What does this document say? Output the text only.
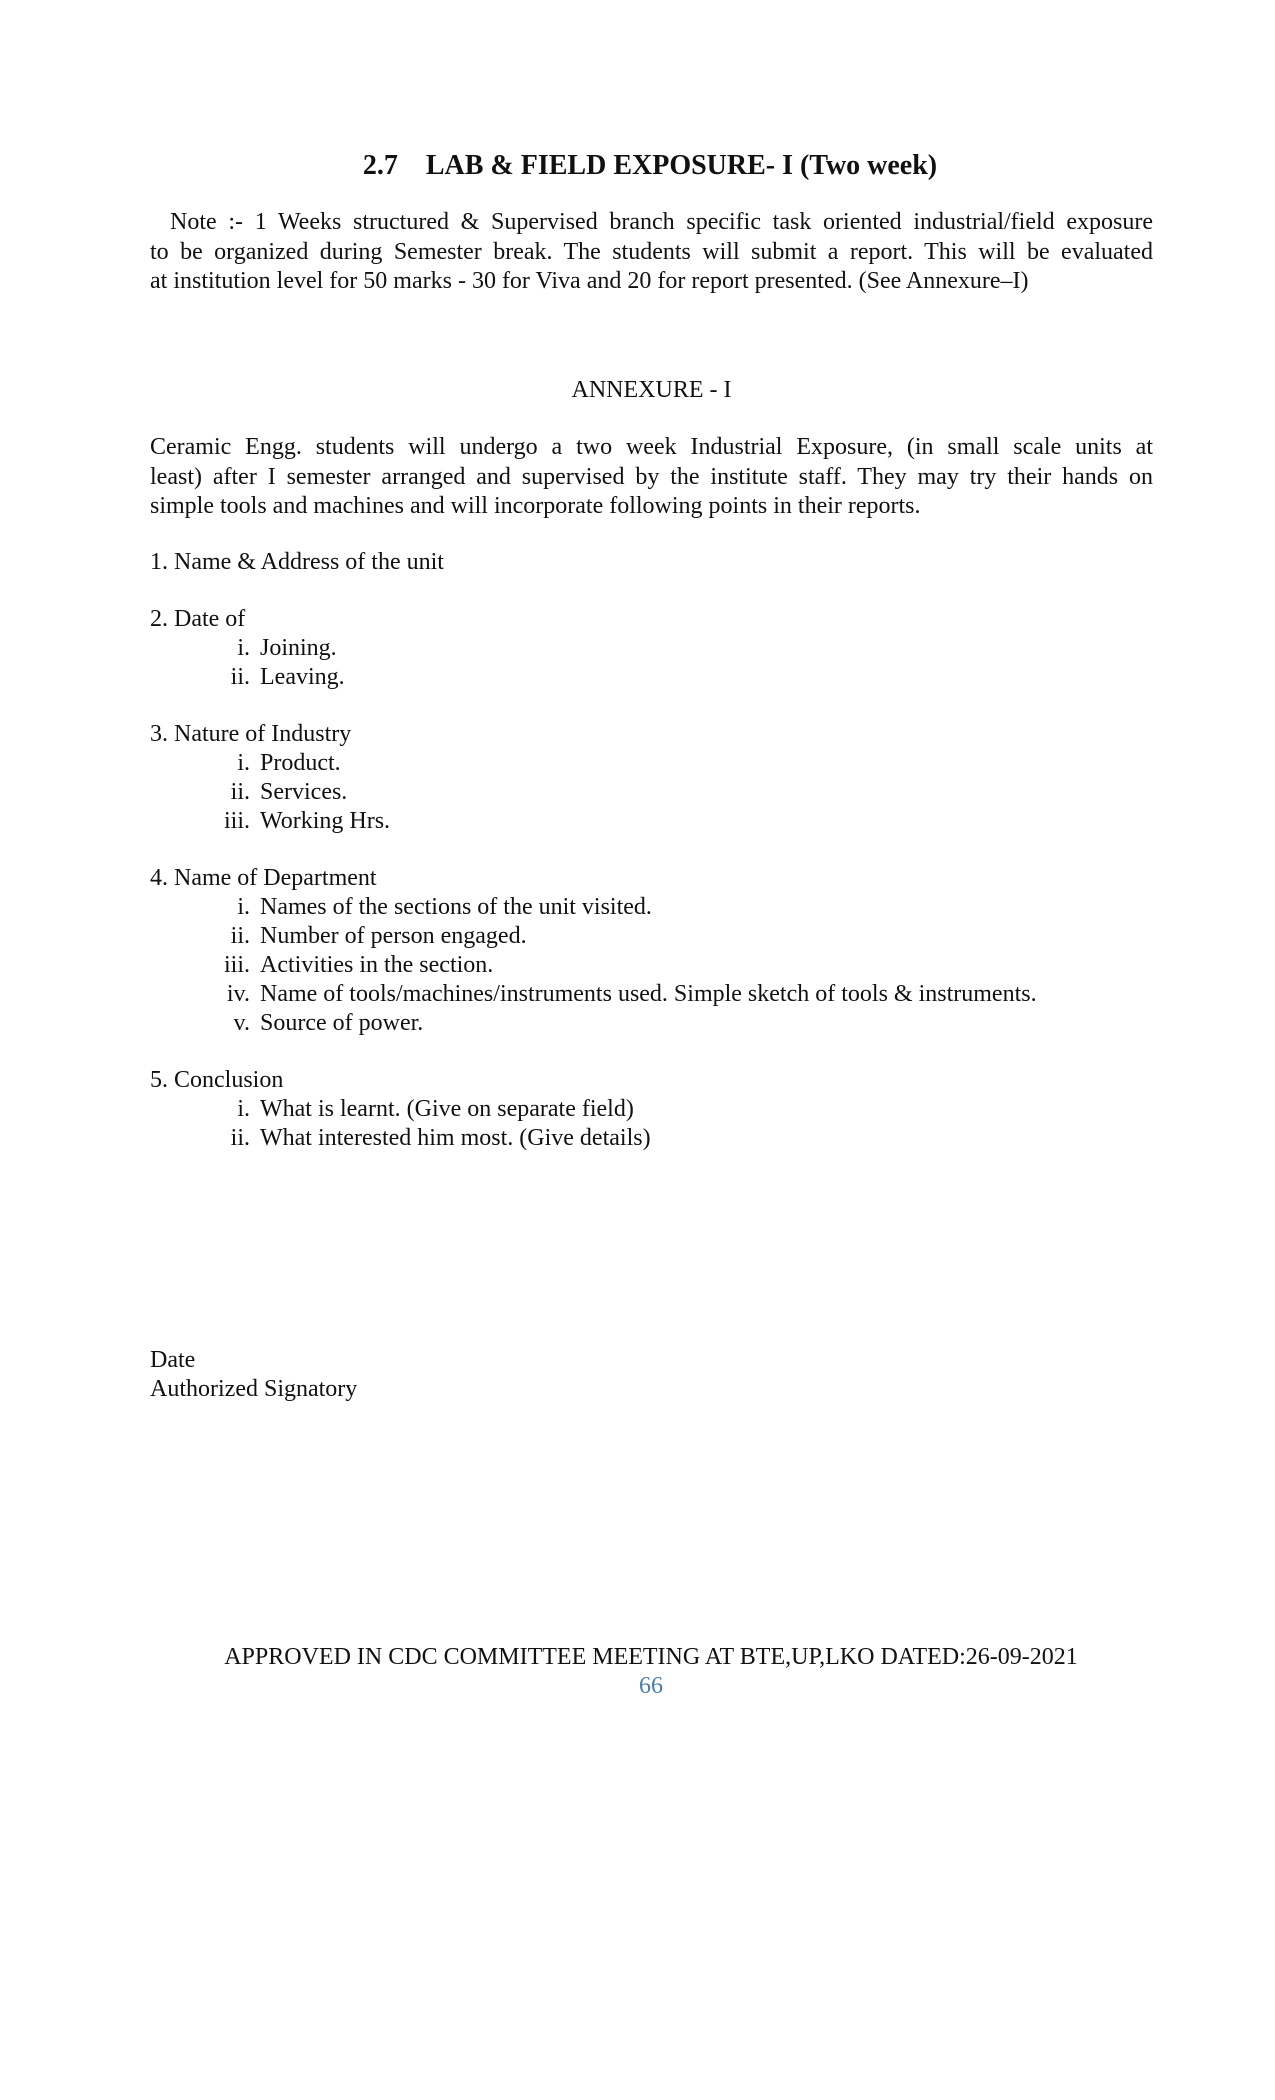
2.7 LAB & FIELD EXPOSURE- I (Two week)
Note :- 1 Weeks structured & Supervised branch specific task oriented industrial/field exposure
to be organized during Semester break. The students will submit a report. This will be evaluated
at institution level for 50 marks - 30 for Viva and 20 for report presented. (See Annexure–I)
ANNEXURE - I
Ceramic Engg. students will undergo a two week Industrial Exposure, (in small scale units at
least) after I semester arranged and supervised by the institute staff. They may try their hands on
simple tools and machines and will incorporate following points in their reports.
1. Name & Address of the unit
2. Date of
i. Joining.
ii. Leaving.
3. Nature of Industry
i. Product.
ii. Services.
iii. Working Hrs.
4. Name of Department
i. Names of the sections of the unit visited.
ii. Number of person engaged.
iii. Activities in the section.
iv. Name of tools/machines/instruments used. Simple sketch of tools & instruments.
v. Source of power.
5. Conclusion
i. What is learnt. (Give on separate field)
ii. What interested him most. (Give details)
Date
Authorized Signatory
APPROVED IN CDC COMMITTEE MEETING AT BTE,UP,LKO DATED:26-09-2021
66
